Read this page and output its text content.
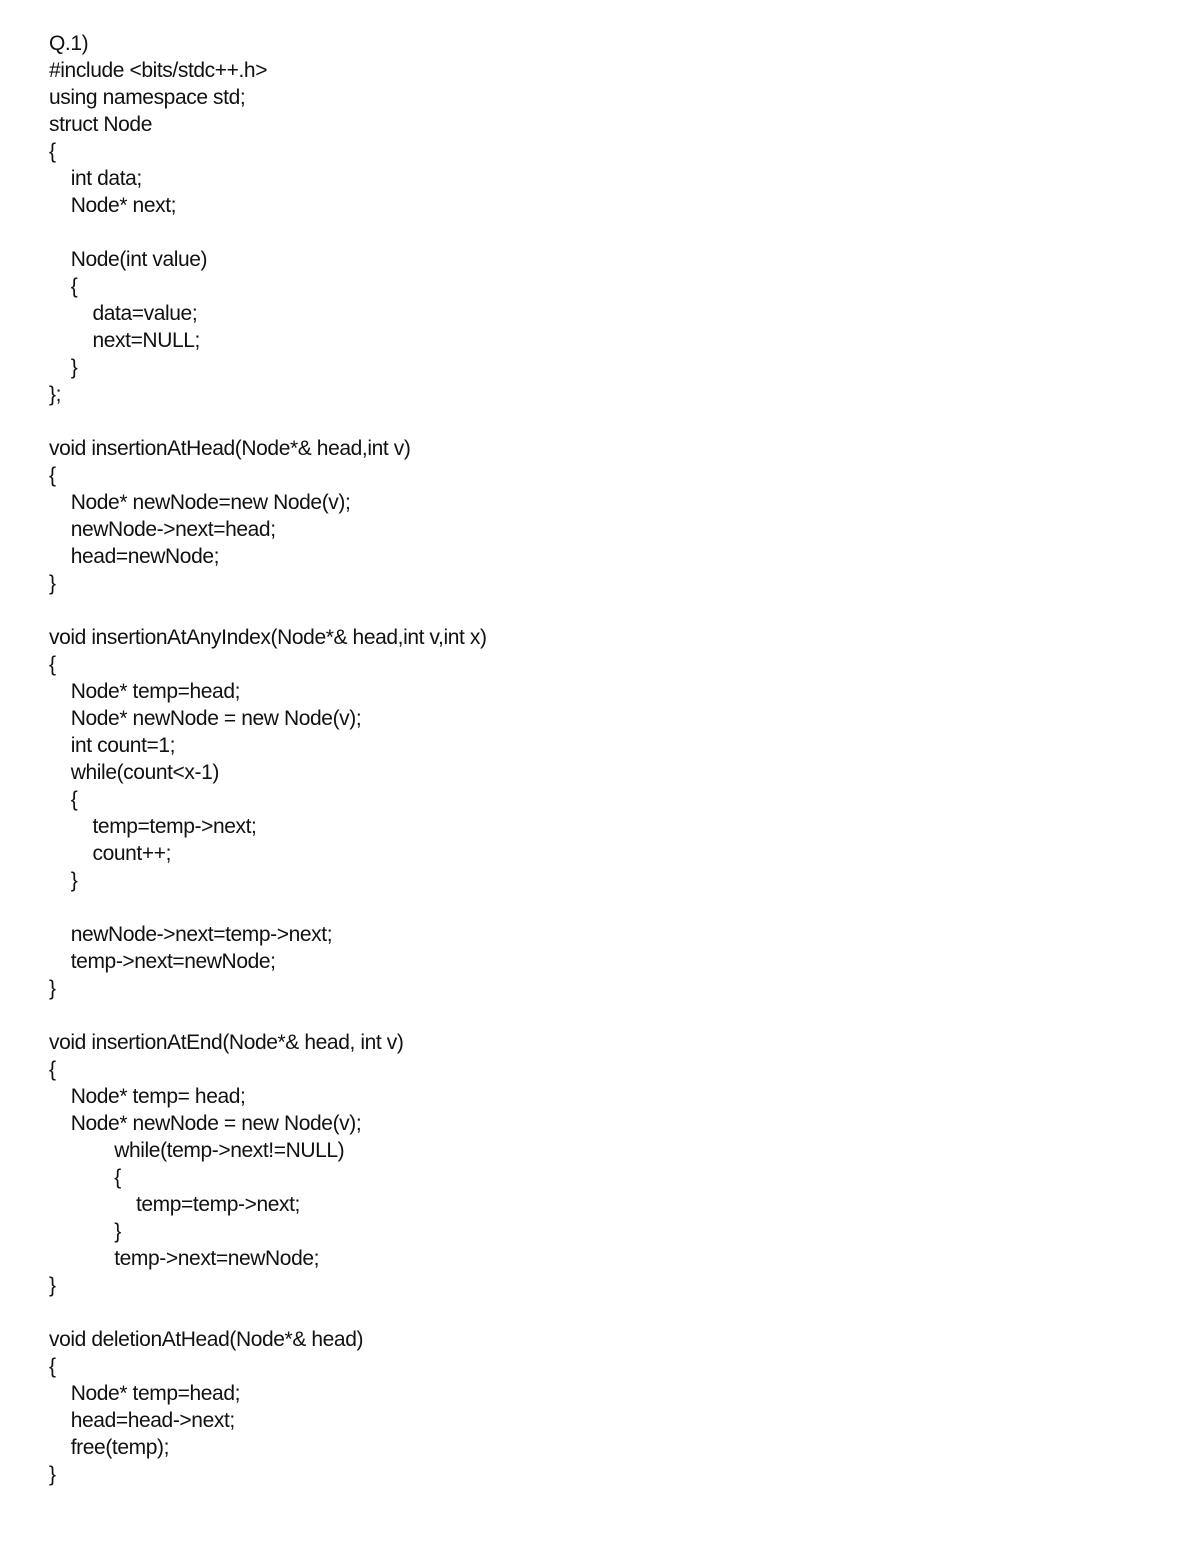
Q.1)
#include <bits/stdc++.h>
using namespace std;
struct Node
{
int data;
Node* next;
Node(int value)
{
data=value;
next=NULL;
}
};
void insertionAtHead(Node*& head,int v)
{
Node* newNode=new Node(v);
newNode->next=head;
head=newNode;
}
void insertionAtAnyIndex(Node*& head,int v,int x)
{
Node* temp=head;
Node* newNode = new Node(v);
int count=1;
while(count<x-1)
{
temp=temp->next;
count++;
}
newNode->next=temp->next;
temp->next=newNode;
}
void insertionAtEnd(Node*& head, int v)
{
Node* temp= head;
Node* newNode = new Node(v);
while(temp->next!=NULL)
{
temp=temp->next;
}
temp->next=newNode;
}
void deletionAtHead(Node*& head)
{
Node* temp=head;
head=head->next;
free(temp);
}
